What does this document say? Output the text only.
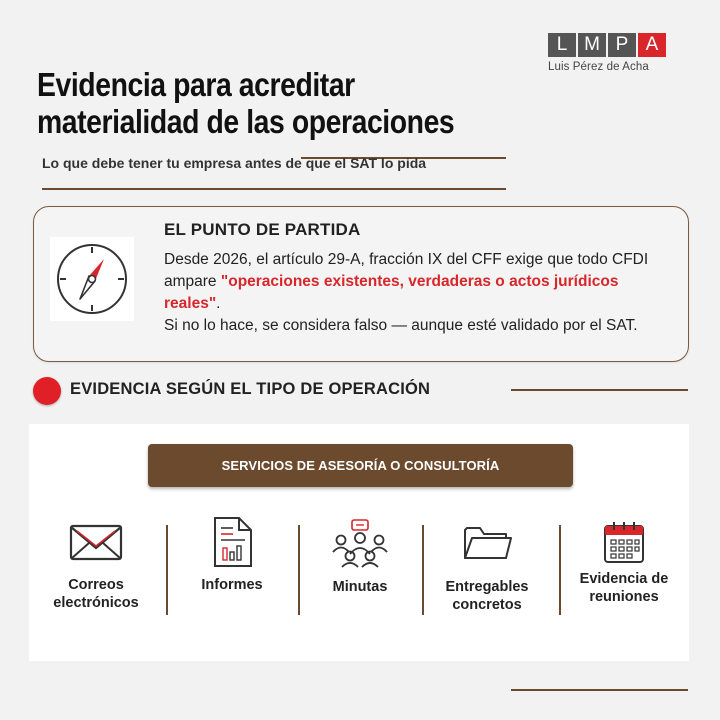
L M P A
Luis Pérez de Acha
Evidencia para acreditar
materialidad de las operaciones
Lo que debe tener tu empresa antes de que el SAT lo pida
EL PUNTO DE PARTIDA
Desde 2026, el artículo 29-A, fracción IX del CFF exige que todo CFDI ampare "operaciones existentes, verdaderas o actos jurídicos reales".
Si no lo hace, se considera falso — aunque esté validado por el SAT.
EVIDENCIA SEGÚN EL TIPO DE OPERACIÓN
SERVICIOS DE ASESORÍA O CONSULTORÍA
Correos electrónicos
Informes	Minutas	Entregables concretos
Evidencia de reuniones
